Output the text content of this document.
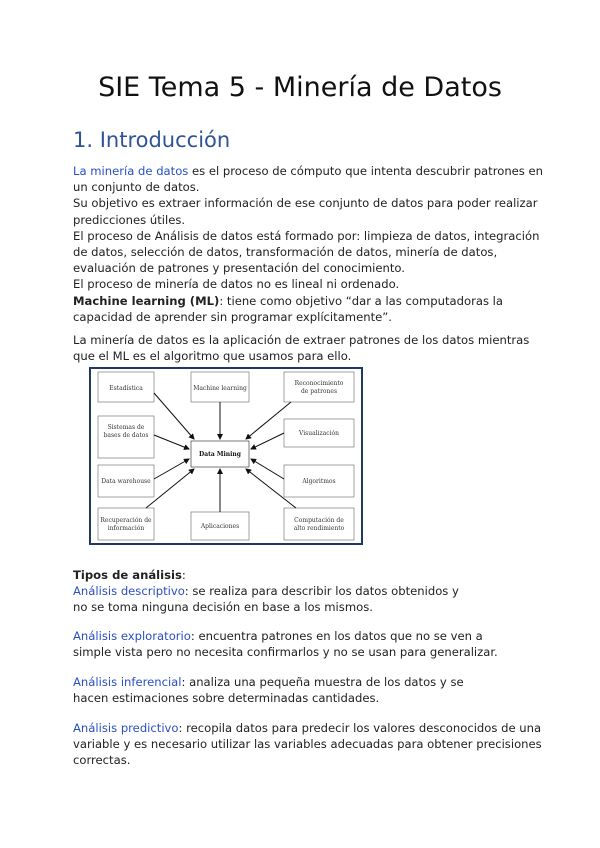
SIE Tema 5 - Minería de Datos
1. Introducción

La minería de datos es el proceso de cómputo que intenta descubrir patrones en un conjunto de datos.

Su objetivo es extraer información de ese conjunto de datos para poder realizar predicciones útiles.

El proceso de Análisis de datos está formado por: limpieza de datos, integración de datos, selección de datos, transformación de datos, minería de datos, evaluación de patrones y presentación del conocimiento.

El proceso de minería de datos no es lineal ni ordenado.

Machine learning (ML): tiene como objetivo “dar a las computadoras la capacidad de aprender sin programar explícitamente”.

La minería de datos es la aplicación de extraer patrones de los datos mientras que el ML es el algoritmo que usamos para ello.
Estadística	Machine learning
Reconocimiento
de patrones
Sistemas de
bases de datos	Visualización
Data warehouse	Algoritmos
Recuperación de
información	Aplicaciones
Computación de
alto rendimiento
Data Mining
Tipos de análisis:
Análisis descriptivo: se realiza para describir los datos obtenidos y no se toma ninguna decisión en base a los mismos.
Análisis exploratorio: encuentra patrones en los datos que no se ven a simple vista pero no necesita confirmarlos y no se usan para generalizar.
Análisis inferencial: analiza una pequeña muestra de los datos y se hacen estimaciones sobre determinadas cantidades.
Análisis predictivo: recopila datos para predecir los valores desconocidos de una variable y es necesario utilizar las variables adecuadas para obtener precisiones correctas.
